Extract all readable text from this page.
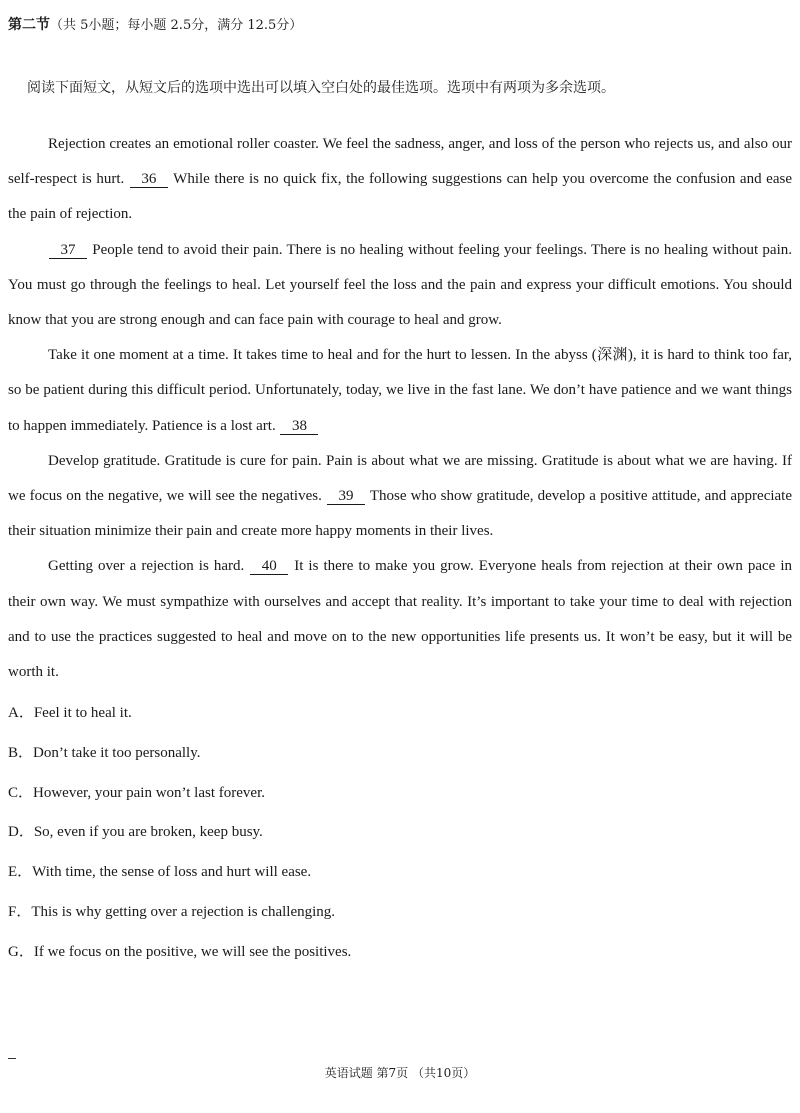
第二节（共 5小题；每小题 2.5分，满分 12.5分）
阅读下面短文，从短文后的选项中选出可以填入空白处的最佳选项。选项中有两项为多余选项。

Rejection creates an emotional roller coaster. We feel the sadness, anger, and loss of the person who rejects us, and also our self-respect is hurt. 36 While there is no quick fix, the following suggestions can help you overcome the confusion and ease the pain of rejection.

37 People tend to avoid their pain. There is no healing without feeling your feelings. There is no healing without pain. You must go through the feelings to heal. Let yourself feel the loss and the pain and express your difficult emotions. You should know that you are strong enough and can face pain with courage to heal and grow.

Take it one moment at a time. It takes time to heal and for the hurt to lessen. In the abyss (深渊), it is hard to think too far, so be patient during this difficult period. Unfortunately, today, we live in the fast lane. We don’t have patience and we want things to happen immediately. Patience is a lost art. 38

Develop gratitude. Gratitude is cure for pain. Pain is about what we are missing. Gratitude is about what we are having. If we focus on the negative, we will see the negatives. 39 Those who show gratitude, develop a positive attitude, and appreciate their situation minimize their pain and create more happy moments in their lives.

Getting over a rejection is hard. 40 It is there to make you grow. Everyone heals from rejection at their own pace in their own way. We must sympathize with ourselves and accept that reality. It’s important to take your time to deal with rejection and to use the practices suggested to heal and move on to the new opportunities life presents us. It won’t be easy, but it will be worth it.

A．Feel it to heal it.
B．Don’t take it too personally.
C．However, your pain won’t last forever.
D．So, even if you are broken, keep busy.
E．With time, the sense of loss and hurt will ease.
F．This is why getting over a rejection is challenging.
G．If we focus on the positive, we will see the positives.
英语试题 第7页 （共10页）
